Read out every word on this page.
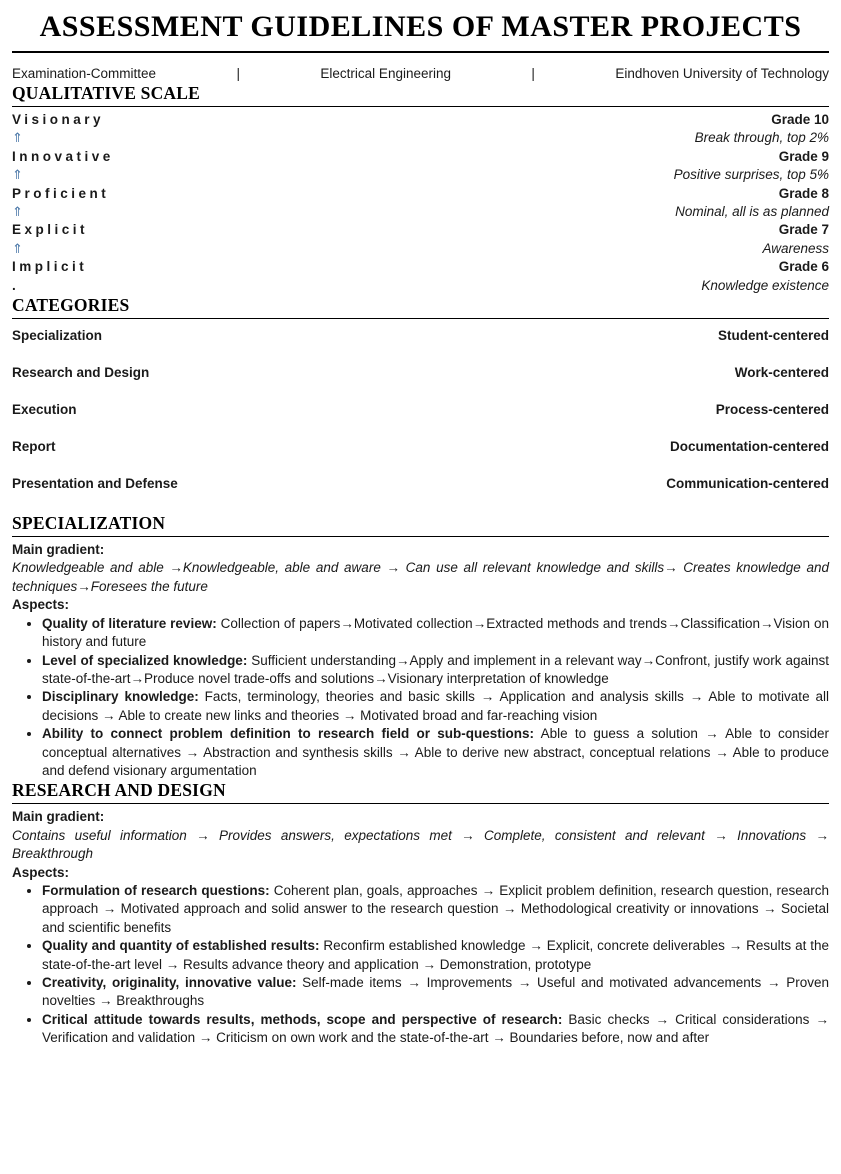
ASSESSMENT GUIDELINES OF MASTER PROJECTS
Examination-Committee	|	Electrical Engineering	|	Eindhoven University of Technology
QUALITATIVE SCALE
Visionary	Grade 10
⇑	Break through, top 2%
Innovative	Grade 9
⇑	Positive surprises, top 5%
Proficient	Grade 8
⇑	Nominal, all is as planned
Explicit	Grade 7
⇑	Awareness
Implicit	Grade 6
.	Knowledge existence
CATEGORIES
Specialization	Student-centered
Research and Design	Work-centered
Execution	Process-centered
Report	Documentation-centered
Presentation and Defense	Communication-centered
SPECIALIZATION

Main gradient:

Knowledgeable and able →Knowledgeable, able and aware → Can use all relevant knowledge and skills→ Creates knowledge and techniques→Foresees the future

Aspects:

• Quality of literature review: Collection of papers→Motivated collection→Extracted methods and trends→Classification→Vision on history and future
• Level of specialized knowledge: Sufficient understanding→Apply and implement in a relevant way→Confront, justify work against state-of-the-art→Produce novel trade-offs and solutions→Visionary interpretation of knowledge
• Disciplinary knowledge: Facts, terminology, theories and basic skills → Application and analysis skills → Able to motivate all decisions → Able to create new links and theories → Motivated broad and far-reaching vision
• Ability to connect problem definition to research field or sub-questions: Able to guess a solution → Able to consider conceptual alternatives → Abstraction and synthesis skills → Able to derive new abstract, conceptual relations → Able to produce and defend visionary argumentation
RESEARCH AND DESIGN

Main gradient:

Contains useful information → Provides answers, expectations met → Complete, consistent and relevant → Innovations → Breakthrough

Aspects:

• Formulation of research questions: Coherent plan, goals, approaches → Explicit problem definition, research question, research approach → Motivated approach and solid answer to the research question → Methodological creativity or innovations → Societal and scientific benefits
• Quality and quantity of established results: Reconfirm established knowledge → Explicit, concrete deliverables → Results at the state-of-the-art level → Results advance theory and application → Demonstration, prototype
• Creativity, originality, innovative value: Self-made items → Improvements → Useful and motivated advancements → Proven novelties → Breakthroughs
• Critical attitude towards results, methods, scope and perspective of research: Basic checks → Critical considerations → Verification and validation → Criticism on own work and the state-of-the-art → Boundaries before, now and after
